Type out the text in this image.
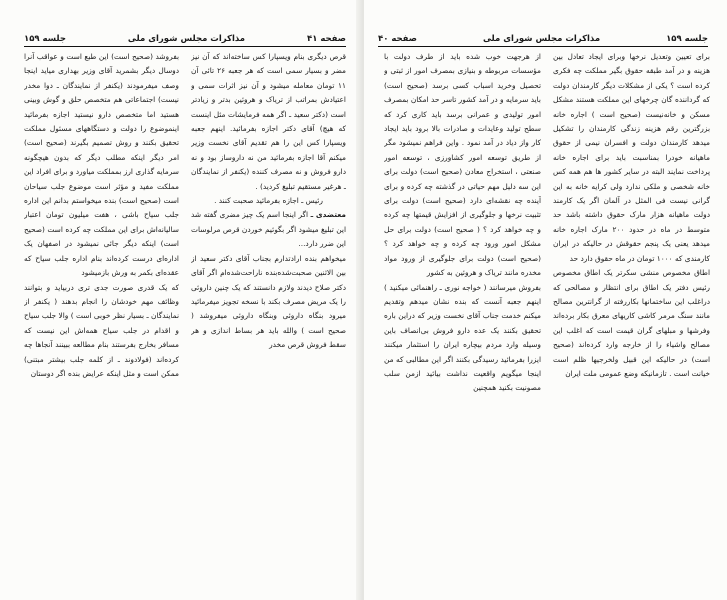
صفحه ۴۱
مذاکرات مجلس شورای ملی
جلسه ۱۵۹

قرص دیگری بنام ویسپارا کس ساخته‌اند که آن نیز مضر و بسیار سمی است که هر جعبه ۲۶ تائی آن ۱۱ تومان معامله میشود و آن نیز اثرات سمی و اعتیادش بمراتب از تریاک و هروئین بدتر و زیادتر است (دکتر سعید ـ اگر همه فرمایشات مثل اینست که هیچ) آقای دکتر اجازه بفرمائید. اینهم جعبه ویسپارا کس این را هم تقدیم آقای نخست وزیر میکنم آقا اجازه بفرمائید من نه داروساز بود و نه دارو فروش و نه مصرف کننده (یکنفر از نمایندگان ـ هرغیر مستقیم تبلیغ کردید) .

رئیس ـ اجازه بفرمائید صحبت کنند .

معتضدی ـ اگر اینجا اسم یک چیز مضری گفته شد این تبلیغ میشود اگر بگوئیم خوردن قرص مرلوسات این ضرر دارد...

میخواهم بنده ارادتدارم بجناب آقای دکتر سعید از بین الاثنین صحبت‌شده‌بنده ناراحت‌شده‌ام اگر آقای دکتر صلاح دیدند ولازم دانستند که یک چنین داروئی را یک مریض مصرف بکند با نسخه تجویز میفرمائید میرود بنگاه داروئی وبنگاه داروئی میفروشد ( صحیح است ) والله باید هر بساط اندازی و هر سقط فروش قرص مخدر

بفروشد (صحیح است) این طبع است و عواقب آنرا دوسال دیگر بشمرید آقای وزیر بهداری میاید اینجا وصف میفرمودند (یکنفر از نمایندگان ـ دوا مخدر نیست) اجتماعاتی هم متخصص حلق و گوش وبینی هستید اما متخصص دارو نیستید اجازه بفرمائید اینموضوع را دولت و دستگاههای مسئول مملکت تحقیق بکنند و روش تصمیم بگیرند (صحیح است) امر دیگر اینکه مطلب دیگر که بدون هیچگونه سرمایه گذاری ارز بمملکت میاورد و برای افراد این مملکت مفید و مؤثر است موضوع جلب سیاحان است (صحیح است) بنده میخواستم بدانم این اداره جلب سیاح باشی ، هفت میلیون تومان اعتبار سالیانه‌اش برای این مملکت چه کرده است (صحیح است) اینکه دیگر جائی نمیشود در اصفهان یک اداره‌ای درست کرده‌اند بنام اداره جلب سیاح که عقده‌ای بکمر به ورش بازمیشود

که یک قدری صورت جدی تری دربیاید و بتوانند وظائف مهم خودشان را انجام بدهند ( یکنفر از نمایندگان ـ بسیار نظر خوبی است ) والا جلب سیاح و اقدام در جلب سیاح همه‌اش این نیست که مسافر بخارج بفرستند بنام مطالعه ببینند آنجاها چه کرده‌اند (فولادوند ـ از کلمه جلب بیشتر مبتنی) ممکن است و مثل اینکه عرایض بنده اگر دوستان

جلسه ۱۵۹
مذاکرات مجلس شورای ملی
صفحه ۴۰

برای تعیین وتعدیل نرخها وبرای ایجاد تعادل بین هزینه و در آمد طبقه حقوق بگیر مملکت چه فکری کرده است ؟ یکی از مشکلات دیگر کارمندان دولت که گرداننده گان چرخهای این مملکت هستند مشکل مسکن و خانه‌نیست (صحیح است ) اجاره خانه بزرگترین رقم هزینه زندگی کارمندان را تشکیل میدهد کارمندان دولت و افسران نیمی از حقوق ماهیانه خودرا بمناسبت باید برای اجاره خانه پرداخت نمایند البته در سایر کشور ها هم همه کس خانه شخصی و ملکی ندارد ولی کرایه خانه به این گرانی نیست فی المثل در آلمان اگر یک کارمند دولت ماهیانه هزار مارک حقوق داشته باشد حد متوسط در ماه در حدود ۲۰۰ مارک اجاره خانه میدهد یعنی یک پنجم حقوقش در حالیکه در ایران کارمندی که ۱۰۰۰ تومان در ماه حقوق دارد حد

اطاق مخصوص منشی سکرتر یک اطاق مخصوص رئیس دفتر یک اطاق برای انتظار و مصالحی که دراغلب این ساختمانها بکاررفته از گرانترین مصالح مانند سنگ مرمر کاشی کاریهای معرق بکار برده‌اند وفرشها و مبلهای گران قیمت است که اغلب این مصالح واشیاء را از خارجه وارد کرده‌اند (صحیح است) در حالیکه این قبیل ولخرجیها ظلم است خیانت است . تازمانیکه وضع عمومی ملت ایران

از هرجهت خوب شده باید از طرف دولت با مؤسسات مربوطه و بنیازی بمصرف امور از ثبتی و تحصیل وخرید اسباب کسی برسد (صحیح است) باید سرمایه و در آمد کشور تاسر حد امکان بمصرف امور تولیدی و عمرانی برسد باید کاری کرد که سطح تولید وعایدات و صادرات بالا برود باید ایجاد کار واز دیاد در آمد نمود . واین فراهم نمیشود مگر از طریق توسعه امور کشاورزی ، توسعه امور صنعتی ، استخراج معادن (صحیح است) دولت برای این سه دلیل مهم حیاتی در گذشته چه کرده و برای آینده چه نقشه‌ای دارد (صحیح است) دولت برای تثبیت نرخها و جلوگیری از افزایش قیمتها چه کرده و چه خواهد کرد ؟ ( صحیح است) دولت برای حل مشکل امور ورود چه کرده و چه خواهد کرد ؟ (صحیح است) دولت برای جلوگیری از ورود مواد مخدره مانند تریاک و هروئین به کشور

بفروش میرسانند ( خواجه نوری ـ راهنمائی میکنید ) اینهم جعبه آنست که بنده نشان میدهم وتقدیم میکنم خدمت جناب آقای نخست وزیر که دراین باره تحقیق بکنند یک عده دارو فروش بی‌انصاف باین وسیله وارد مردم بیچاره ایران را استثمار میکنند ایزرا بفرمائید رسیدگی بکنند اگر این مطالبی که من اینجا میگویم واقعیت نداشت بیائید ازمن سلب مصونیت بکنید همچنین
